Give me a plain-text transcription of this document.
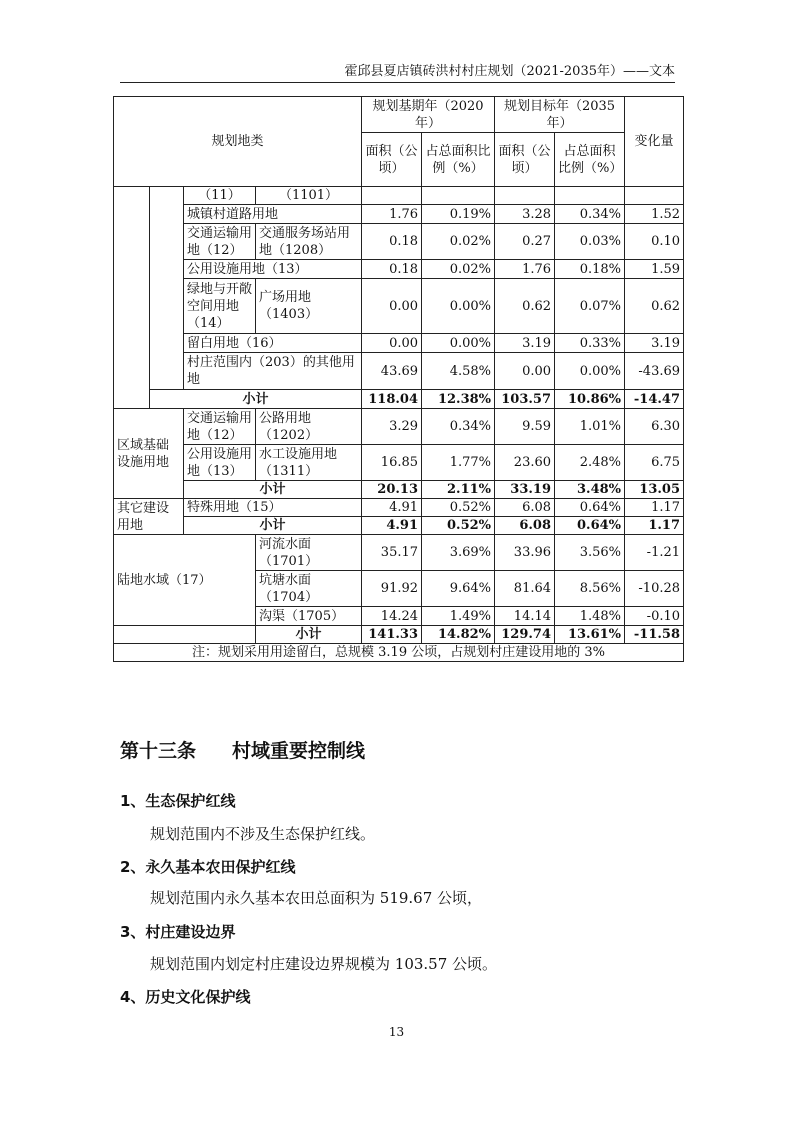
霍邱县夏店镇砖洪村村庄规划（2021-2035年）——文本
规划地类				规划基期年（2020年）		规划目标年（2035年）		变化量
				面积（公顷）	占总面积比例（%）	面积（公顷）	占总面积比例（%）	
		（11）	（1101）					
		城镇村道路用地		1.76	0.19%	3.28	0.34%	1.52
		交通运输用地（12）	交通服务场站用地（1208）	0.18	0.02%	0.27	0.03%	0.10
		公用设施用地（13）		0.18	0.02%	1.76	0.18%	1.59
		绿地与开敞空间用地（14）	广场用地（1403）	0.00	0.00%	0.62	0.07%	0.62
		留白用地（16）		0.00	0.00%	3.19	0.33%	3.19
		村庄范围内（203）的其他用地		43.69	4.58%	0.00	0.00%	-43.69
	小计			118.04	12.38%	103.57	10.86%	-14.47
区域基础设施用地		交通运输用地（12）	公路用地（1202）	3.29	0.34%	9.59	1.01%	6.30
		公用设施用地（13）	水工设施用地（1311）	16.85	1.77%	23.60	2.48%	6.75
		小计		20.13	2.11%	33.19	3.48%	13.05
其它建设用地		特殊用地（15）		4.91	0.52%	6.08	0.64%	1.17
		小计		4.91	0.52%	6.08	0.64%	1.17
陆地水域（17）			河流水面（1701）	35.17	3.69%	33.96	3.56%	-1.21
			坑塘水面（1704）	91.92	9.64%	81.64	8.56%	-10.28
			沟渠（1705）	14.24	1.49%	14.14	1.48%	-0.10
			小计	141.33	14.82%	129.74	13.61%	-11.58
注：规划采用用途留白，总规模 3.19 公顷，占规划村庄建设用地的 3%								
第十三条 村域重要控制线
1、生态保护红线
规划范围内不涉及生态保护红线。
2、永久基本农田保护红线
规划范围内永久基本农田总面积为 519.67 公顷，
3、村庄建设边界
规划范围内划定村庄建设边界规模为 103.57 公顷。
4、历史文化保护线
13
